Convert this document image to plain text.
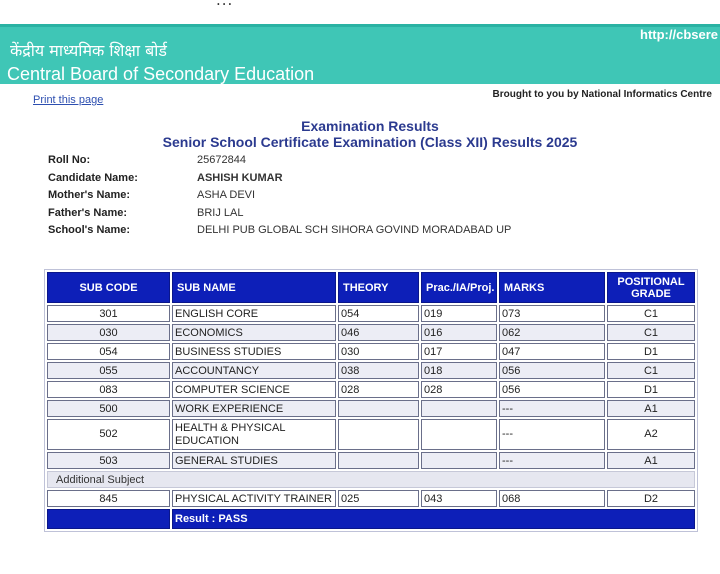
...
केंद्रीय माध्यमिक शिक्षा बोर्ड
Central Board of Secondary Education
http://cbsere
Print this page	Brought to you by National Informatics Centre
Examination Results
Senior School Certificate Examination (Class XII) Results 2025
Roll No:	25672844
Candidate Name:	ASHISH KUMAR
Mother's Name:	ASHA DEVI
Father's Name:	BRIJ LAL
School's Name:	DELHI PUB GLOBAL SCH SIHORA GOVIND MORADABAD UP
SUB CODE	SUB NAME	THEORY	Prac./IA/Proj.	MARKS	POSITIONAL GRADE
301	ENGLISH CORE	054	019	073	C1
030	ECONOMICS	046	016	062	C1
054	BUSINESS STUDIES	030	017	047	D1
055	ACCOUNTANCY	038	018	056	C1
083	COMPUTER SCIENCE	028	028	056	D1
500	WORK EXPERIENCE			---	A1
502	HEALTH & PHYSICAL EDUCATION			---	A2
503	GENERAL STUDIES			---	A1
Additional Subject					
845	PHYSICAL ACTIVITY TRAINER	025	043	068	D2
	Result : PASS				
